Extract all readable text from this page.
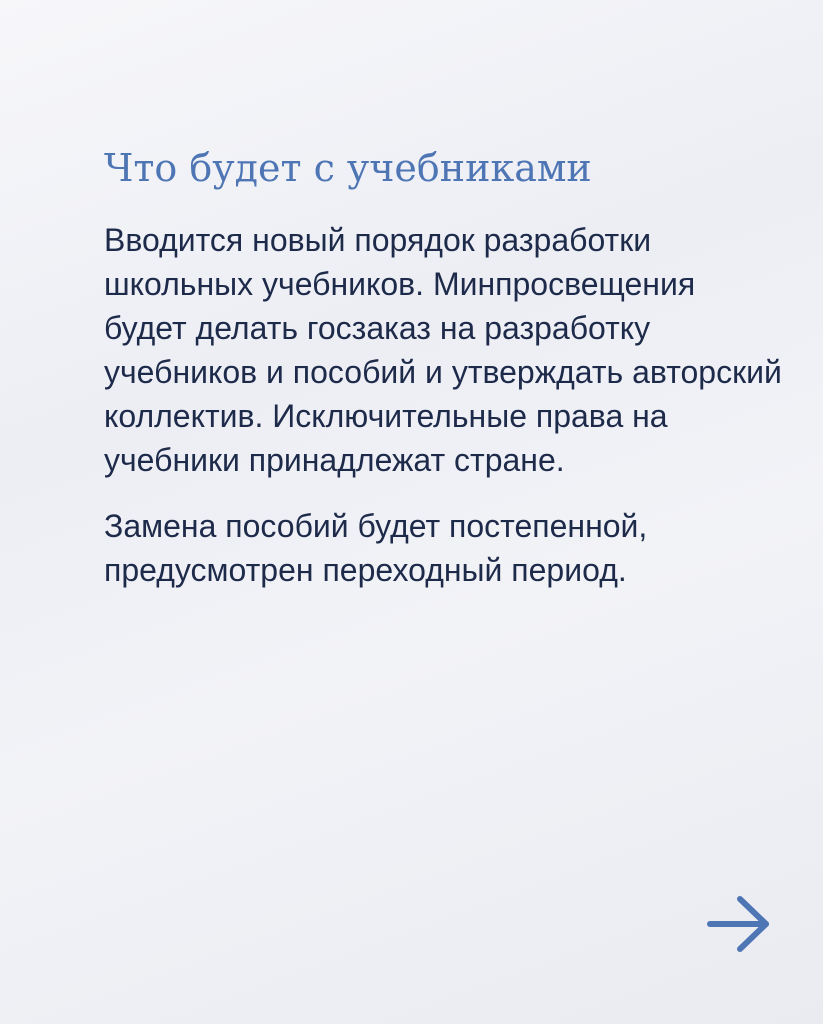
Что будет с учебниками

Вводится новый порядок разработки школьных учебников. Минпросвещения будет делать госзаказ на разработку учебников и пособий и утверждать авторский коллектив. Исключительные права на учебники принадлежат стране.

Замена пособий будет постепенной, предусмотрен переходный период.
